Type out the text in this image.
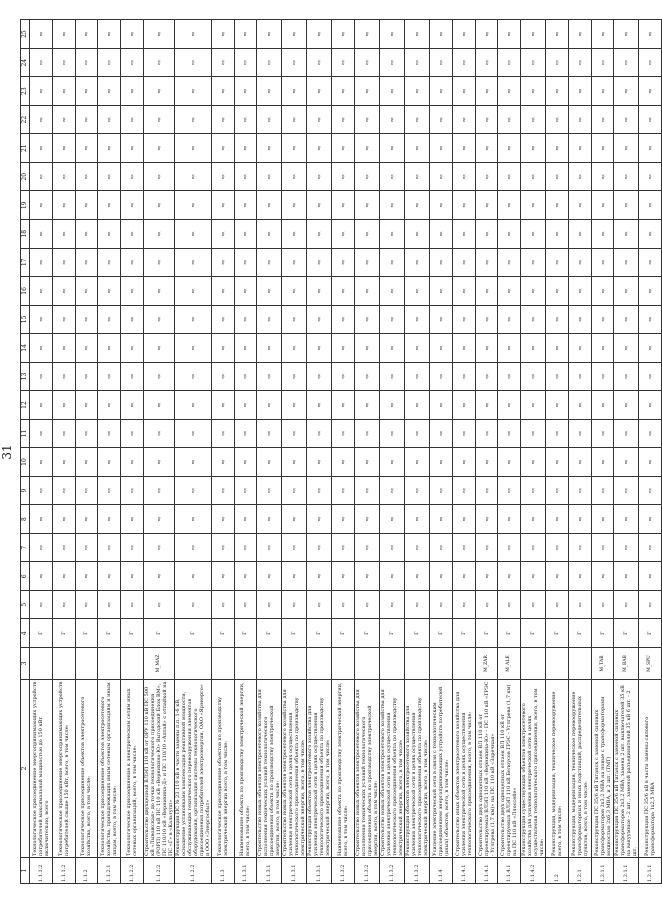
31
1	2	3	4	5	6	7	8	9	10	11	12	13	14	15	16	17	18	19	20	21	22	23	24	25
1.1.1.2	Технологическое присоединение энергопринимающих устройств потребителей максимальной мощностью до 150 кВт включительно, всего		Г	нд	нд	нд	нд	нд	нд	нд	нд	нд	нд	нд	нд	нд	нд	нд	нд	нд	нд	нд	нд	нд
1.1.1.2	Технологическое присоединение энергопринимающих устройств потребителей свыше 150 кВт, всего, в том числе:		Г	нд	нд	нд	нд	нд	нд	нд	нд	нд	нд	нд	нд	нд	нд	нд	нд	нд	нд	нд	нд	нд
1.1.2	Технологическое присоединение объектов электросетевого хозяйства, всего, в том числе:		Г	нд	нд	нд	нд	нд	нд	нд	нд	нд	нд	нд	нд	нд	нд	нд	нд	нд	нд	нд	нд	нд
1.1.2.1	Технологическое присоединение объектов электросетевого хозяйства, принадлежащих иным сетевым организациям и иным лицам, всего, в том числе:		Г	нд	нд	нд	нд	нд	нд	нд	нд	нд	нд	нд	нд	нд	нд	нд	нд	нд	нд	нд	нд	нд
1.1.2.2	Технологическое присоединение к электрическим сетям иных сетевых организаций, всего, в том числе:		Г	нд	нд	нд	нд	нд	нд	нд	нд	нд	нд	нд	нд	нд	нд	нд	нд	нд	нд	нд	нд	нд
1.1.2.2	Строительство двухцепной ВЛЭП 110 кВ от ОРУ 110 кВ ПС 500 кВ «Лывожская» до точки технологического присоединения (РОРП) 110 кВ ПС 110 кВ «Вернихина-Ю» Выгодский Блок ВМ», ПС 110/10 кВ «Вернихина-Д» и ПС 110/10 «Алтай» с отпайкой на ПС «Г» в «Кальтупп»	M_MAZ	Г	нд	нд	нд	нд	нд	нд	нд	нд	нд	нд	нд	нд	нд	нд	нд	нд	нд	нд	нд	нд	нд
1.1.2.2	Реконструкция ПС № 23 110 кВ в части замены п.п. 1-6 кВ, оснащение установками компенсации реактивной мощности, обслуживающих технического перевооружения элементов оборудования, организация системы технологического присоединения потребителей электроэнергии, ОАО «Ярэнерго» и ООО «Энергосбыт»		Г	нд	нд	нд	нд	нд	нд	нд	нд	нд	нд	нд	нд	нд	нд	нд	нд	нд	нд	нд	нд	нд
1.1.3	Технологическое присоединение объектов по производству электрической энергии всего, в том числе:		Г	нд	нд	нд	нд	нд	нд	нд	нд	нд	нд	нд	нд	нд	нд	нд	нд	нд	нд	нд	нд	нд
1.1.3.1	Наименование объекта по производству электрической энергии, всего, в том числе:		Г	нд	нд	нд	нд	нд	нд	нд	нд	нд	нд	нд	нд	нд	нд	нд	нд	нд	нд	нд	нд	нд
1.1.3.1	Строительство новых объектов электросетевого хозяйства для исполнения технических условий технологического присоединения объекта по производству электрической энергии, всего, в том числе:		Г	нд	нд	нд	нд	нд	нд	нд	нд	нд	нд	нд	нд	нд	нд	нд	нд	нд	нд	нд	нд	нд
1.1.3.1	Строительство новых объектов электросетевого хозяйства для усиления электрической сети в целях осуществления технологического присоединения объекта по производству электрической энергии, всего, в том числе:		Г	нд	нд	нд	нд	нд	нд	нд	нд	нд	нд	нд	нд	нд	нд	нд	нд	нд	нд	нд	нд	нд
1.1.3.1	Реконструкция объектов электросетевого хозяйства для усиления электрической сети в целях осуществления технологического присоединения объекта по производству электрической энергии, всего, в том числе:		Г	нд	нд	нд	нд	нд	нд	нд	нд	нд	нд	нд	нд	нд	нд	нд	нд	нд	нд	нд	нд	нд
1.1.3.2	Наименование объекта по производству электрической энергии, всего, в том числе:		Г	нд	нд	нд	нд	нд	нд	нд	нд	нд	нд	нд	нд	нд	нд	нд	нд	нд	нд	нд	нд	нд
1.1.3.2	Строительство новых объектов электросетевого хозяйства для исполнения технических условий технологического присоединения объекта по производству электрической энергии, всего, в том числе:		Г	нд	нд	нд	нд	нд	нд	нд	нд	нд	нд	нд	нд	нд	нд	нд	нд	нд	нд	нд	нд	нд
1.1.3.2	Строительство новых объектов электросетевого хозяйства для усиления электрической сети в целях осуществления технологического присоединения объекта по производству электрической энергии, всего, в том числе:		Г	нд	нд	нд	нд	нд	нд	нд	нд	нд	нд	нд	нд	нд	нд	нд	нд	нд	нд	нд	нд	нд
1.1.3.2	Реконструкция объектов электросетевого хозяйства для усиления электрической сети в целях осуществления технологического присоединения объекта по производству электрической энергии, всего, в том числе:		Г	нд	нд	нд	нд	нд	нд	нд	нд	нд	нд	нд	нд	нд	нд	нд	нд	нд	нд	нд	нд	нд
1.1.4	Усиление электрической сети в связи с технологическим присоединением энергопринимающих устройств потребителей (иных) объектов, всего, в том числе:		Г	нд	нд	нд	нд	нд	нд	нд	нд	нд	нд	нд	нд	нд	нд	нд	нд	нд	нд	нд	нд	нд
1.1.4.1	Строительство иных объектов электросетевого хозяйства для усиления электрической сети в целях осуществления технологического присоединения, всего, в том числе:		Г	нд	нд	нд	нд	нд	нд	нд	нд	нд	нд	нд	нд	нд	нд	нд	нд	нд	нд	нд	нд	нд
1.1.4.1	Строительство двух одноцепных отпаек ВЛ 110 кВ от проектируемых ВЛЭП 110 кВ «Вернихина-Ю» - ПС 110 кВ «ГРЭС - Углгрева (1,7 км)» на ПС 110 кВ «Заречная»	M_ZAR	Г	нд	нд	нд	нд	нд	нд	нд	нд	нд	нд	нд	нд	нд	нд	нд	нд	нд	нд	нд	нд	нд
1.1.4.1	Строительство двух одноцепных отпаек ВЛ 110 кВ от проектируемых ВЛЭП 110 кВ Белоусов ГРЭС - Углгрева (1,7 км) на ПС 110 кВ «Ллоссейе»	M_ALE	Г	нд	нд	нд	нд	нд	нд	нд	нд	нд	нд	нд	нд	нд	нд	нд	нд	нд	нд	нд	нд	нд
1.1.4.2	Реконструкция существующих объектов электросетевого хозяйства для усиления электрической сети в целях осуществления технологического присоединения, всего, в том числе:		Г	нд	нд	нд	нд	нд	нд	нд	нд	нд	нд	нд	нд	нд	нд	нд	нд	нд	нд	нд	нд	нд
1.2	Реконструкция, модернизация, техническое перевооружение всего, в том числе:		Г	нд	нд	нд	нд	нд	нд	нд	нд	нд	нд	нд	нд	нд	нд	нд	нд	нд	нд	нд	нд	нд
1.2.1	Реконструкция, модернизация, техническое перевооружение трансформаторных и иных подстанций, распределительных пунктов, всего, в том числе:		Г	нд	нд	нд	нд	нд	нд	нд	нд	нд	нд	нд	нд	нд	нд	нд	нд	нд	нд	нд	нд	нд
1.2.1.1	Реконструкция ПС 35/6 кВ Тиганск с заменой силовых трансформаторов 2х3,2 МВА на новые с трансформаторами мощностью 2х6,3 МВА, и 2 шт. (ТМТ)	M_TAB	Г	нд	нд	нд	нд	нд	нд	нд	нд	нд	нд	нд	нд	нд	нд	нд	нд	нд	нд	нд	нд	нд
1.2.1.1	Реконструкция ПС 35/6 кВ Тиганск с заменой силовых трансформаторов 2х3,2 МВА, замена 2 шт. выключателей 35 кВ на вакуумные - 2 шт., заменой разъединителей 35 кВ 6 шт. - 2 шт.	M_BAB	Г	нд	нд	нд	нд	нд	нд	нд	нд	нд	нд	нд	нд	нд	нд	нд	нд	нд	нд	нд	нд	нд
1.2.1.1	Реконструкция ПС 35/6 кВ в части замены силового трансформатора 1х2,5 МВА	M_SPU	Г	нд	нд	нд	нд	нд	нд	нд	нд	нд	нд	нд	нд	нд	нд	нд	нд	нд	нд	нд	нд	нд
